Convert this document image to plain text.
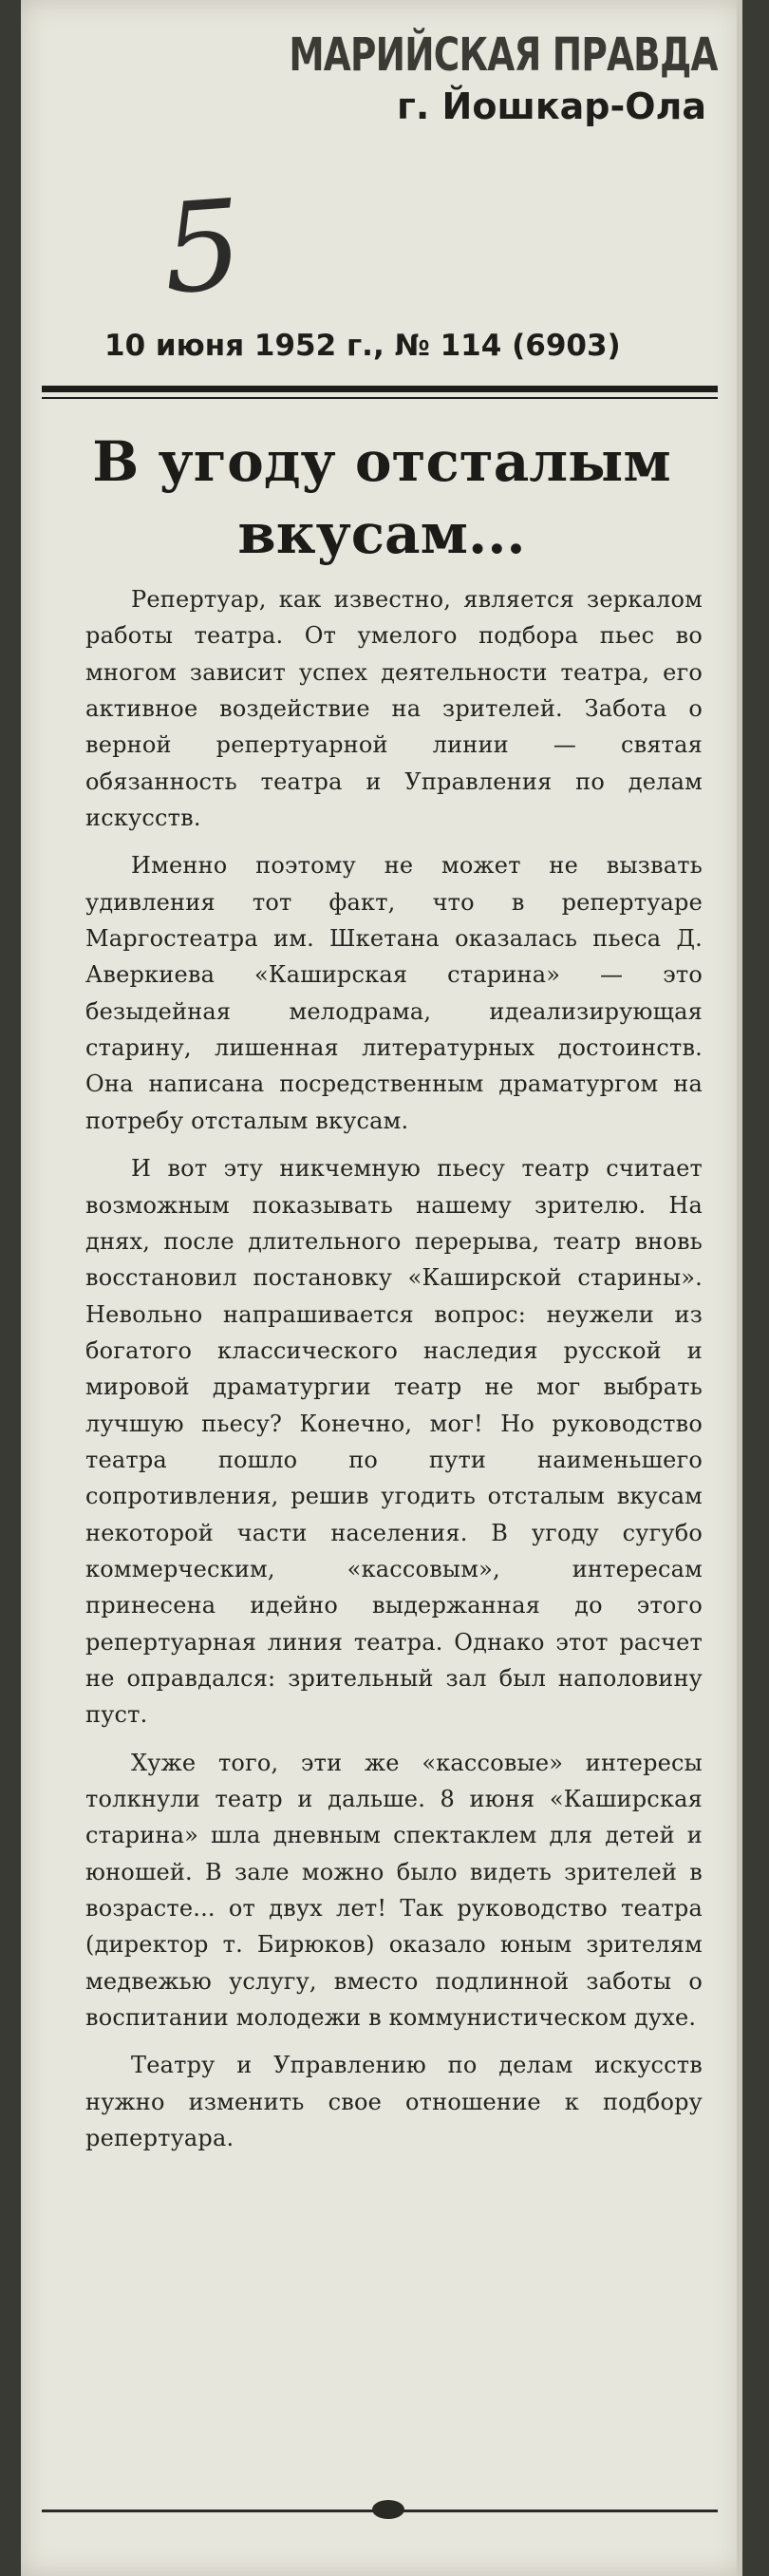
МАРИЙСКАЯ ПРАВДА
г. Йошкар-Ола
5
10 июня 1952 г., № 114 (6903)
В угоду отсталым
вкусам...

Репертуар, как известно, является зеркалом работы театра. От умелого подбора пьес во многом зависит успех деятельности театра, его активное воздействие на зрителей. Забота о верной репертуарной линии — святая обязанность театра и Управления по делам искусств.

Именно поэтому не может не вызвать удивления тот факт, что в репертуаре Маргостеатра им. Шкетана оказалась пьеса Д. Аверкиева «Каширская старина» — это безыдейная мелодрама, идеализирующая старину, лишенная литературных достоинств. Она написана посредственным драматургом на потребу отсталым вкусам.

И вот эту никчемную пьесу театр считает возможным показывать нашему зрителю. На днях, после длительного перерыва, театр вновь восстановил постановку «Каширской старины». Невольно напрашивается вопрос: неужели из богатого классического наследия русской и мировой драматургии театр не мог выбрать лучшую пьесу? Конечно, мог! Но руководство театра пошло по пути наименьшего сопротивления, решив угодить отсталым вкусам некоторой части населения. В угоду сугубо коммерческим, «кассовым», интересам принесена идейно выдержанная до этого репертуарная линия театра. Однако этот расчет не оправдался: зрительный зал был наполовину пуст.

Хуже того, эти же «кассовые» интересы толкнули театр и дальше. 8 июня «Каширская старина» шла дневным спектаклем для детей и юношей. В зале можно было видеть зрителей в возрасте... от двух лет! Так руководство театра (директор т. Бирюков) оказало юным зрителям медвежью услугу, вместо подлинной заботы о воспитании молодежи в коммунистическом духе.

Театру и Управлению по делам искусств нужно изменить свое отношение к подбору репертуара.
